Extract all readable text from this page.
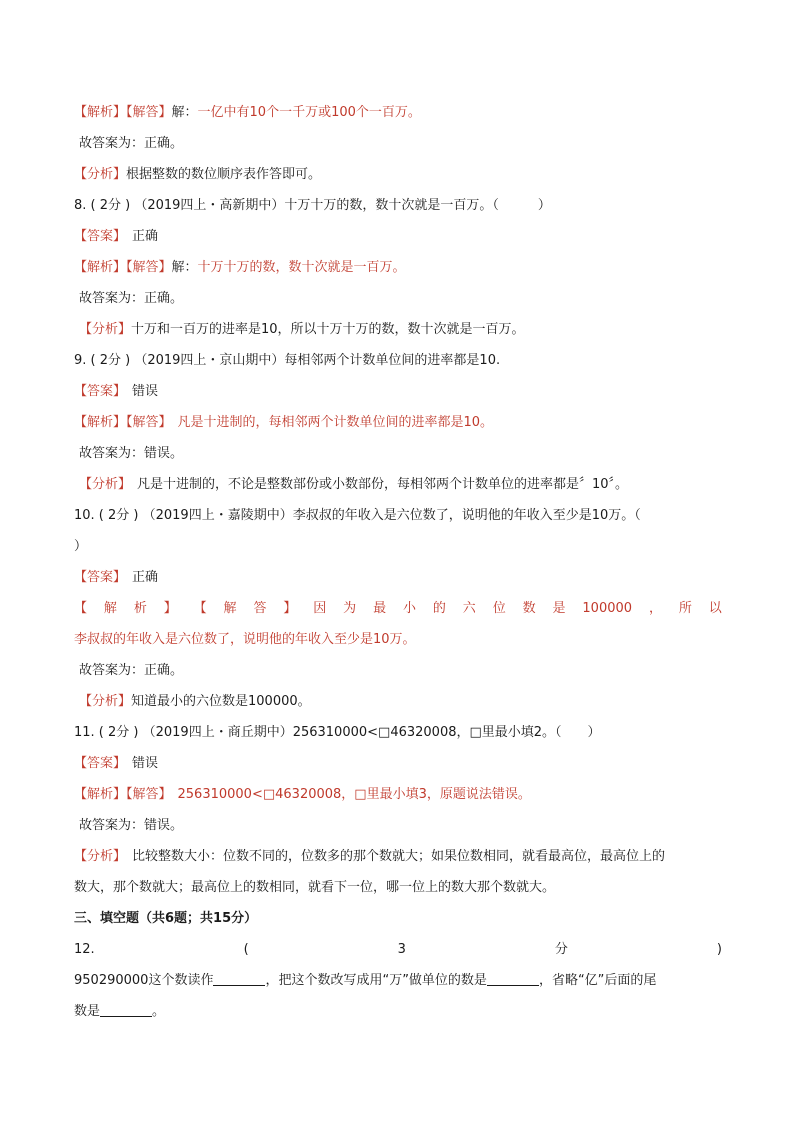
【解析】【解答】解：一亿中有10个一千万或100个一百万。
故答案为：正确。
【分析】根据整数的数位顺序表作答即可。
8. ( 2分 ) （2019四上・高新期中）十万十万的数，数十次就是一百万。（　　　）
【答案】 正确
【解析】【解答】解：十万十万的数，数十次就是一百万。
故答案为：正确。
【分析】十万和一百万的进率是10，所以十万十万的数，数十次就是一百万。
9. ( 2分 ) （2019四上・京山期中）每相邻两个计数单位间的进率都是10.
【答案】 错误
【解析】【解答】 凡是十进制的，每相邻两个计数单位间的进率都是10。
故答案为：错误。
【分析】 凡是十进制的，不论是整数部份或小数部份，每相邻两个计数单位的进率都是〞10〞。
10. ( 2分 ) （2019四上・嘉陵期中）李叔叔的年收入是六位数了，说明他的年收入至少是10万。（
）
【答案】 正确
【 解 析 】 【 解 答 】 因 为 最 小 的 六 位 数 是 100000 ， 所 以
李叔叔的年收入是六位数了，说明他的年收入至少是10万。
故答案为：正确。
【分析】知道最小的六位数是100000。
11. ( 2分 ) （2019四上・商丘期中）256310000<□46320008，□里最小填2。（　　）
【答案】 错误
【解析】【解答】 256310000<□46320008，□里最小填3，原题说法错误。
故答案为：错误。
【分析】 比较整数大小：位数不同的，位数多的那个数就大；如果位数相同，就看最高位，最高位上的
数大，那个数就大；最高位上的数相同，就看下一位，哪一位上的数大那个数就大。
三、填空题（共6题；共15分）
12.	(	3	分	)
950290000这个数读作	，把这个数改写成用“万”做单位的数是	，省略“亿”后面的尾
数是	。
